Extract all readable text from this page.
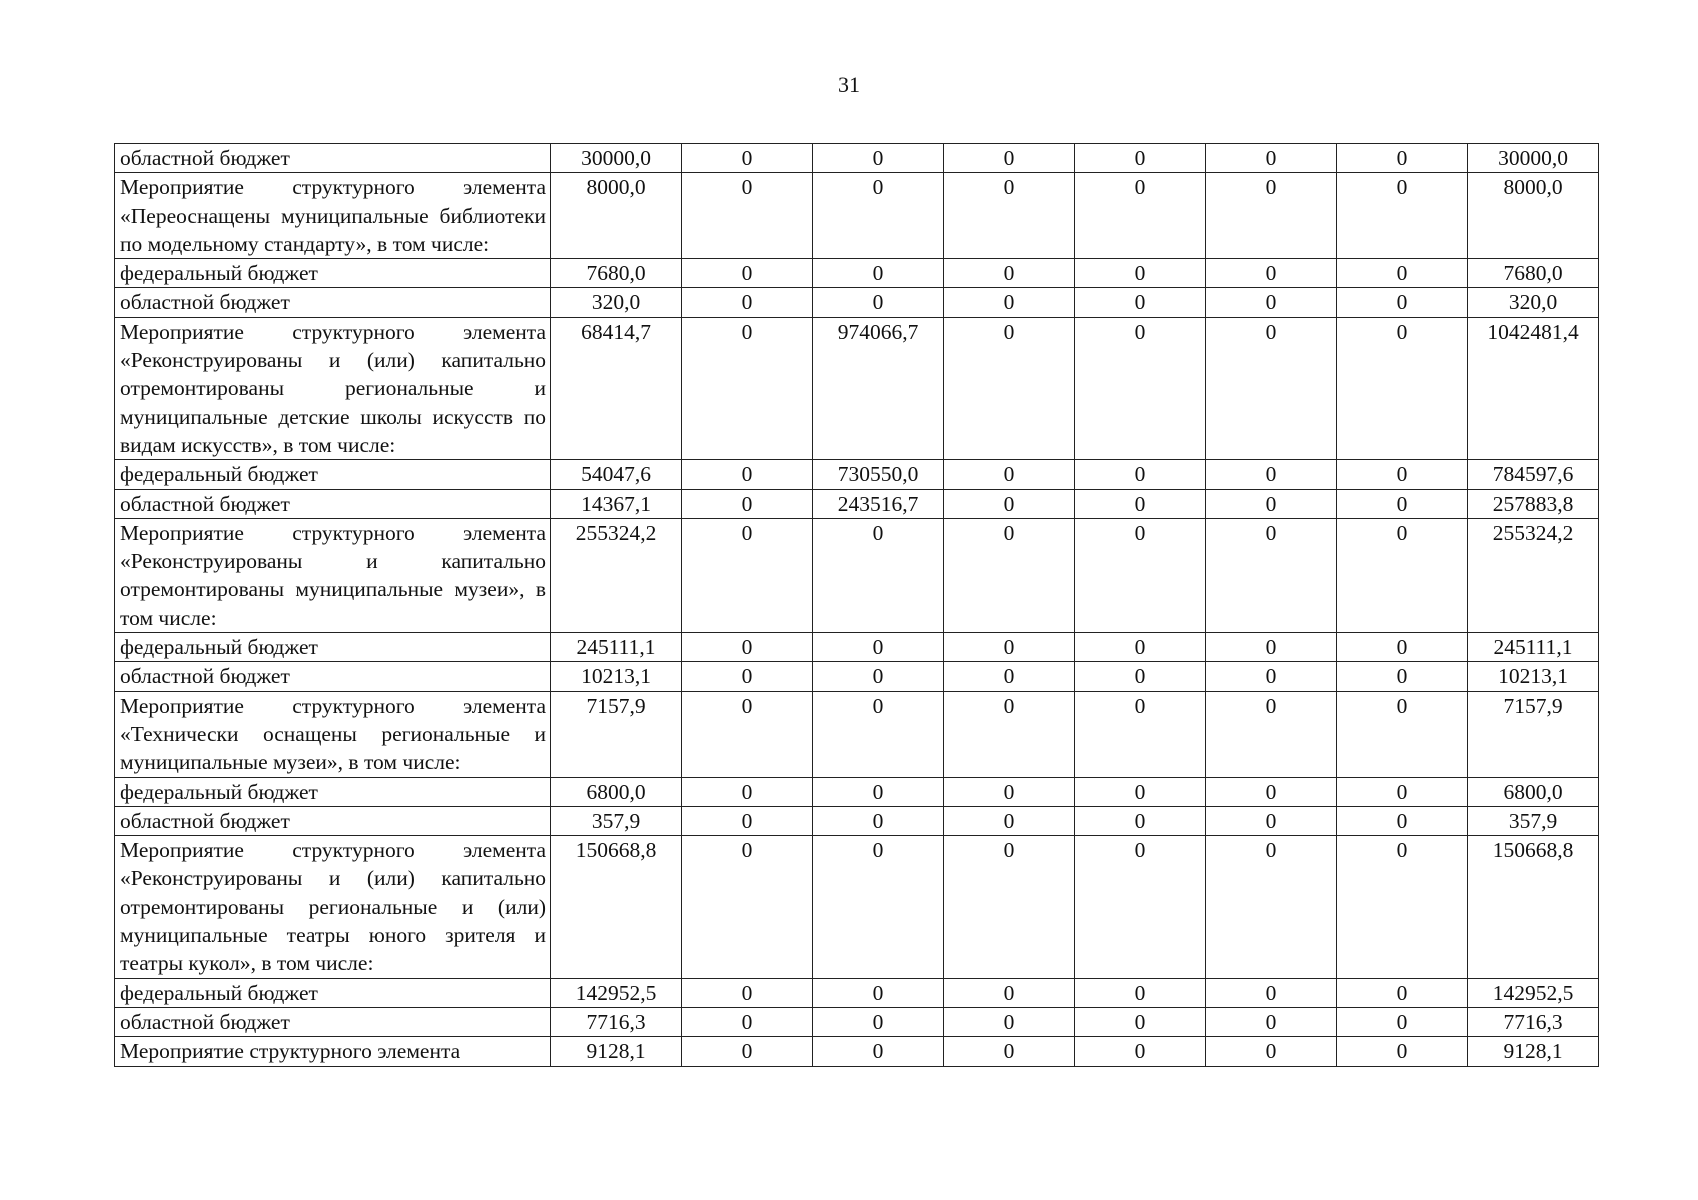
31
областной бюджет	30000,0	0	0	0	0	0	0	30000,0
Мероприятие структурного элемента «Переоснащены муниципальные библиотеки по модельному стандарту», в том числе:	8000,0	0	0	0	0	0	0	8000,0
федеральный бюджет	7680,0	0	0	0	0	0	0	7680,0
областной бюджет	320,0	0	0	0	0	0	0	320,0
Мероприятие структурного элемента «Реконструированы и (или) капитально отремонтированы региональные и муниципальные детские школы искусств по видам искусств», в том числе:	68414,7	0	974066,7	0	0	0	0	1042481,4
федеральный бюджет	54047,6	0	730550,0	0	0	0	0	784597,6
областной бюджет	14367,1	0	243516,7	0	0	0	0	257883,8
Мероприятие структурного элемента «Реконструированы и капитально отремонтированы муниципальные музеи», в том числе:	255324,2	0	0	0	0	0	0	255324,2
федеральный бюджет	245111,1	0	0	0	0	0	0	245111,1
областной бюджет	10213,1	0	0	0	0	0	0	10213,1
Мероприятие структурного элемента «Технически оснащены региональные и муниципальные музеи», в том числе:	7157,9	0	0	0	0	0	0	7157,9
федеральный бюджет	6800,0	0	0	0	0	0	0	6800,0
областной бюджет	357,9	0	0	0	0	0	0	357,9
Мероприятие структурного элемента «Реконструированы и (или) капитально отремонтированы региональные и (или) муниципальные театры юного зрителя и театры кукол», в том числе:	150668,8	0	0	0	0	0	0	150668,8
федеральный бюджет	142952,5	0	0	0	0	0	0	142952,5
областной бюджет	7716,3	0	0	0	0	0	0	7716,3
Мероприятие структурного элемента	9128,1	0	0	0	0	0	0	9128,1
